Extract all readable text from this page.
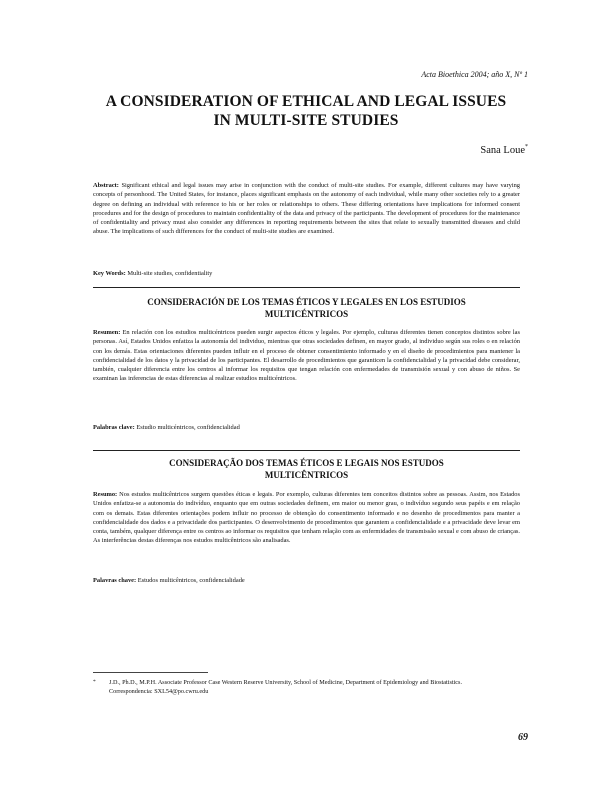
Acta Bioethica 2004; año X, Nº 1
A CONSIDERATION OF ETHICAL AND LEGAL ISSUES
IN MULTI-SITE STUDIES
Sana Loue*
Abstract: Significant ethical and legal issues may arise in conjunction with the conduct of multi-site studies. For example, different cultures may have varying concepts of personhood. The United States, for instance, places significant emphasis on the autonomy of each individual, while many other societies rely to a greater degree on defining an individual with reference to his or her roles or relationships to others. These differing orientations have implications for informed consent procedures and for the design of procedures to maintain confidentiality of the data and privacy of the participants. The development of procedures for the maintenance of confidentiality and privacy must also consider any differences in reporting requirements between the sites that relate to sexually transmitted diseases and child abuse. The implications of such differences for the conduct of multi-site studies are examined.
Key Words: Multi-site studies, confidentiality
CONSIDERACIÓN DE LOS TEMAS ÉTICOS Y LEGALES EN LOS ESTUDIOS
MULTICÉNTRICOS
Resumen: En relación con los estudios multicéntricos pueden surgir aspectos éticos y legales. Por ejemplo, culturas diferentes tienen conceptos distintos sobre las personas. Así, Estados Unidos enfatiza la autonomía del individuo, mientras que otras sociedades definen, en mayor grado, al individuo según sus roles o en relación con los demás. Estas orientaciones diferentes pueden influir en el proceso de obtener consentimiento informado y en el diseño de procedimientos para mantener la confidencialidad de los datos y la privacidad de los participantes. El desarrollo de procedimientos que garanticen la confidencialidad y la privacidad debe considerar, también, cualquier diferencia entre los centros al informar los requisitos que tengan relación con enfermedades de transmisión sexual y con abuso de niños. Se examinan las inferencias de estas diferencias al realizar estudios multicéntricos.
Palabras clave: Estudio multicéntricos, confidencialidad
CONSIDERAÇÃO DOS TEMAS ÉTICOS E LEGAIS NOS ESTUDOS
MULTICÊNTRICOS
Resumo: Nos estudos multicêntricos surgem questões éticas e legais. Por exemplo, culturas diferentes tem conceitos distintos sobre as pessoas. Assim, nos Estados Unidos enfatiza-se a autonomia do indivíduo, enquanto que em outras sociedades definem, em maior ou menor grau, o indivíduo segundo seus papéis e em relação com os demais. Estas diferentes orientações podem influir no processo de obtenção do consentimento informado e no desenho de procedimentos para manter a confidencialidade dos dados e a privacidade dos participantes. O desenvolvimento de procedimentos que garantem a confidencialidade e a privacidade deve levar em conta, também, qualquer diferença entre os centros ao informar os requisitos que tenham relação com as enfermidades de transmissão sexual e com abuso de crianças. As interferências destas diferenças nos estudos multicêntricos são analisadas.
Palavras chave: Estudos multicêntricos, confidencialidade
* J.D., Ph.D., M.P.H. Associate Professor Case Western Reserve University, School of Medicine, Department of Epidemiology and Biostatistics.
Correspondencia: SXL54@po.cwru.edu
69
